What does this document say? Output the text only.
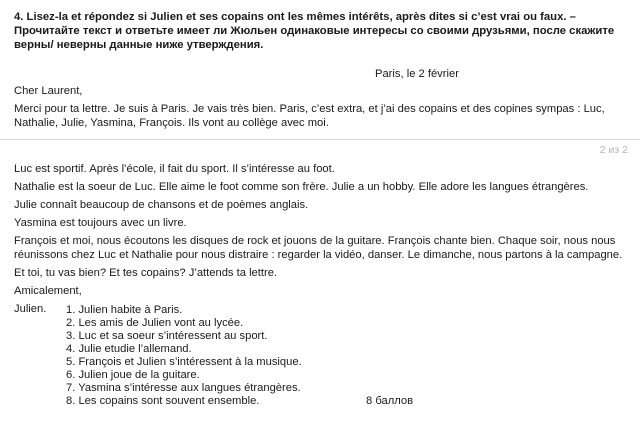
4. Lisez-la et répondez si Julien et ses copains ont les mêmes intérêts, après dites si c’est vrai ou faux. – Прочитайте текст и ответьте имеет ли Жюльен одинаковые интересы со своими друзьями, после скажите верны/ неверны данные ниже утверждения.
Paris, le 2 février
Cher Laurent,
Merci pour ta lettre. Je suis à Paris. Je vais très bien. Paris, c’est extra, et j’ai des copains et des copines sympas : Luc, Nathalie, Julie, Yasmina, François. Ils vont au collège avec moi.
2 из 2
Luc est sportif. Après l’école, il fait du sport. Il s’intéresse au foot.
Nathalie est la soeur de Luc. Elle aime le foot comme son frère. Julie a un hobby. Elle adore les langues étrangères.
Julie connaît beaucoup de chansons et de poèmes anglais.
Yasmina est toujours avec un livre.
François et moi, nous écoutons les disques de rock et jouons de la guitare. François chante bien. Chaque soir, nous nous réunissons chez Luc et Nathalie pour nous distraire : regarder la vidéo, danser. Le dimanche, nous partons à la campagne.
Et toi, tu vas bien? Et tes copains? J’attends ta lettre.
Amicalement,
Julien.	1. Julien habite à Paris.
2. Les amis de Julien vont au lycée.
3. Luc et sa soeur s’intéressent au sport.
4. Julie etudie l’allemand.
5. François et Julien s’intéressent à la musique.
6. Julien joue de la guitare.
7. Yasmina s’intéresse aux langues étrangères.
8. Les copains sont souvent ensemble.	8 баллов
